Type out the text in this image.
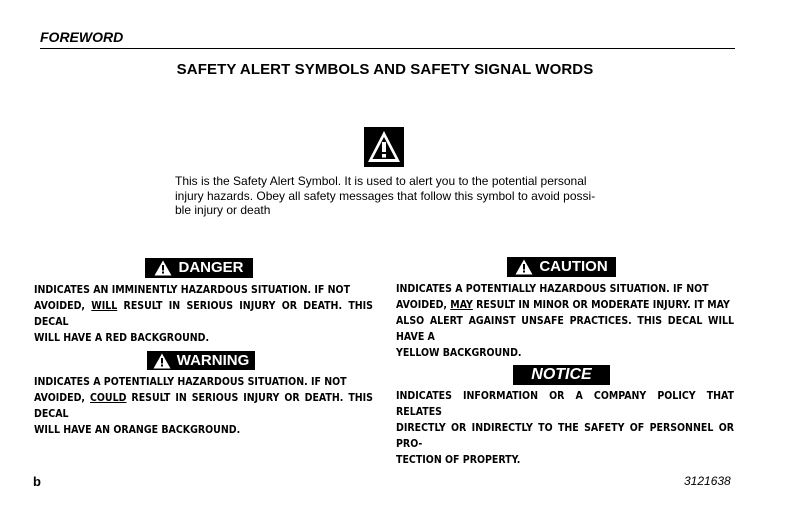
FOREWORD
SAFETY ALERT SYMBOLS AND SAFETY SIGNAL WORDS
This is the Safety Alert Symbol. It is used to alert you to the potential personal
injury hazards. Obey all safety messages that follow this symbol to avoid possi-
ble injury or death
DANGER
INDICATES AN IMMINENTLY HAZARDOUS SITUATION. IF NOT
AVOIDED, WILL RESULT IN SERIOUS INJURY OR DEATH. THIS DECAL
WILL HAVE A RED BACKGROUND.
WARNING
INDICATES A POTENTIALLY HAZARDOUS SITUATION. IF NOT
AVOIDED, COULD RESULT IN SERIOUS INJURY OR DEATH. THIS DECAL
WILL HAVE AN ORANGE BACKGROUND.
CAUTION
INDICATES A POTENTIALLY HAZARDOUS SITUATION. IF NOT
AVOIDED, MAY RESULT IN MINOR OR MODERATE INJURY. IT MAY
ALSO ALERT AGAINST UNSAFE PRACTICES. THIS DECAL WILL HAVE A
YELLOW BACKGROUND.
NOTICE
INDICATES INFORMATION OR A COMPANY POLICY THAT RELATES
DIRECTLY OR INDIRECTLY TO THE SAFETY OF PERSONNEL OR PRO-
TECTION OF PROPERTY.
b	3121638
